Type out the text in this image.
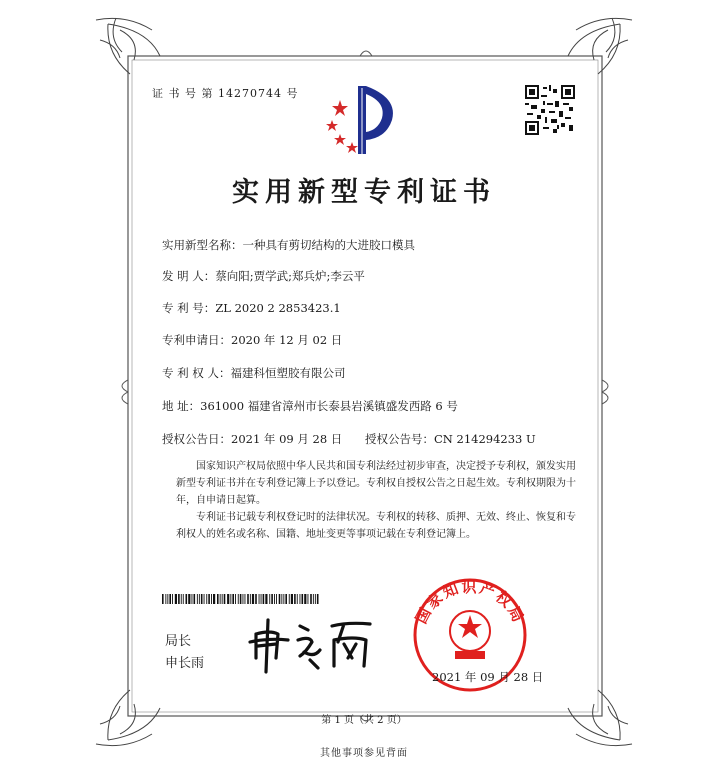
证 书 号 第 14270744 号
实用新型专利证书
实用新型名称：一种具有剪切结构的大进胶口模具
发 明 人：蔡向阳;贾学武;郑兵炉;李云平
专 利 号：ZL 2020 2 2853423.1
专利申请日：2020 年 12 月 02 日
专 利 权 人：福建科恒塑胶有限公司
地 址：361000 福建省漳州市长泰县岩溪镇盛发西路 6 号
授权公告日：2021 年 09 月 28 日 授权公告号：CN 214294233 U
国家知识产权局依照中华人民共和国专利法经过初步审查，决定授予专利权，颁发实用新型专利证书并在专利登记簿上予以登记。专利权自授权公告之日起生效。专利权期限为十年，自申请日起算。
专利证书记载专利权登记时的法律状况。专利权的转移、质押、无效、终止、恢复和专利权人的姓名或名称、国籍、地址变更等事项记载在专利登记簿上。
局长
申长雨
国家知识产权局
2021 年 09 月 28 日
第 1 页（共 2 页）
其他事项参见背面
